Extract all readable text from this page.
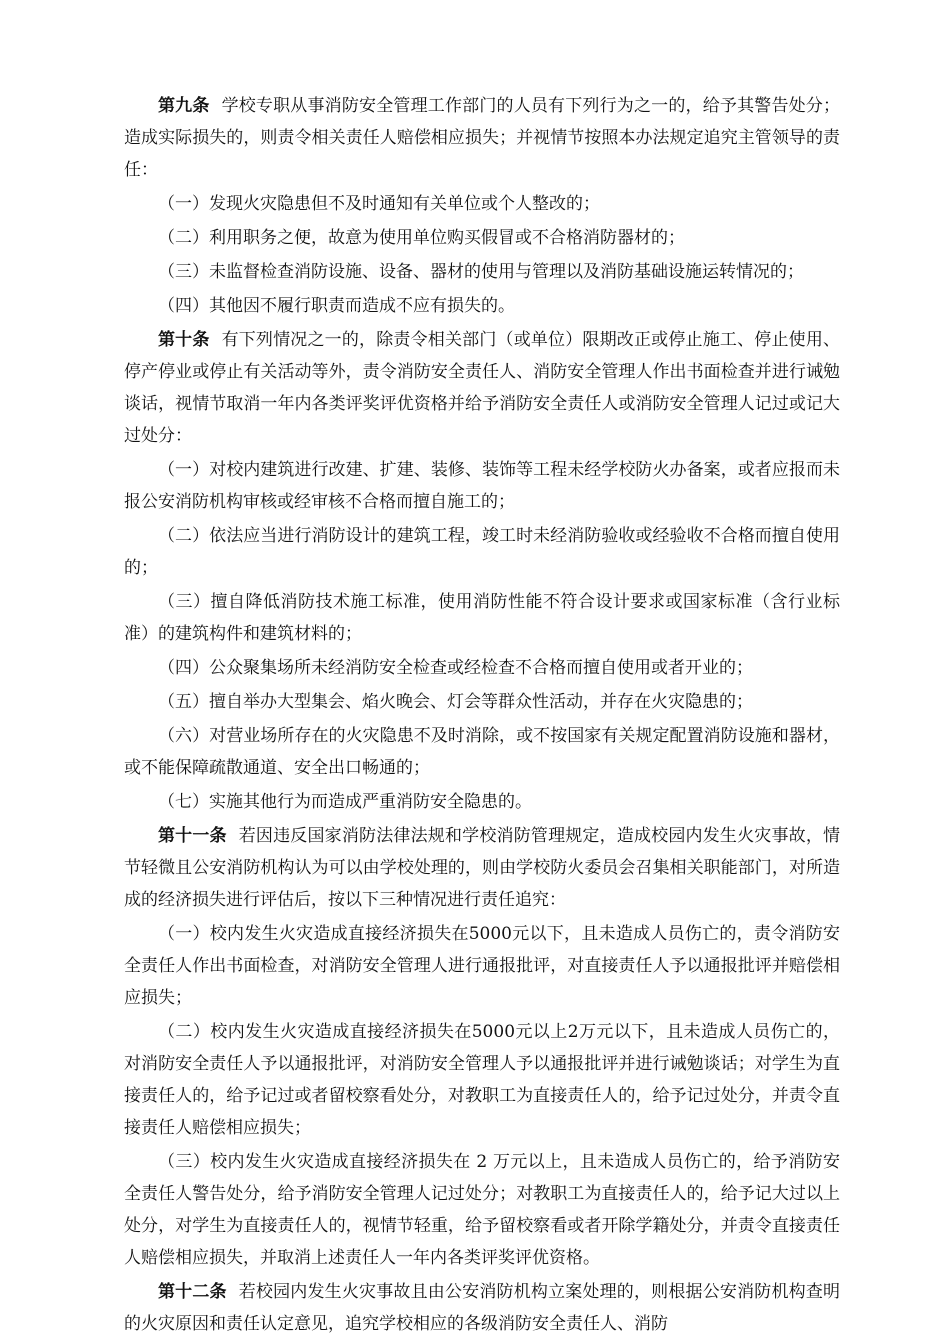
第九条 学校专职从事消防安全管理工作部门的人员有下列行为之一的，给予其警告处分；造成实际损失的，则责令相关责任人赔偿相应损失；并视情节按照本办法规定追究主管领导的责任：

（一）发现火灾隐患但不及时通知有关单位或个人整改的；

（二）利用职务之便，故意为使用单位购买假冒或不合格消防器材的；

（三）未监督检查消防设施、设备、器材的使用与管理以及消防基础设施运转情况的；

（四）其他因不履行职责而造成不应有损失的。

第十条 有下列情况之一的，除责令相关部门（或单位）限期改正或停止施工、停止使用、停产停业或停止有关活动等外，责令消防安全责任人、消防安全管理人作出书面检查并进行诫勉谈话，视情节取消一年内各类评奖评优资格并给予消防安全责任人或消防安全管理人记过或记大过处分：

（一）对校内建筑进行改建、扩建、装修、装饰等工程未经学校防火办备案，或者应报而未报公安消防机构审核或经审核不合格而擅自施工的；

（二）依法应当进行消防设计的建筑工程，竣工时未经消防验收或经验收不合格而擅自使用的；

（三）擅自降低消防技术施工标准，使用消防性能不符合设计要求或国家标准（含行业标准）的建筑构件和建筑材料的；

（四）公众聚集场所未经消防安全检查或经检查不合格而擅自使用或者开业的；

（五）擅自举办大型集会、焰火晚会、灯会等群众性活动，并存在火灾隐患的；

（六）对营业场所存在的火灾隐患不及时消除，或不按国家有关规定配置消防设施和器材，或不能保障疏散通道、安全出口畅通的；

（七）实施其他行为而造成严重消防安全隐患的。

第十一条 若因违反国家消防法律法规和学校消防管理规定，造成校园内发生火灾事故，情节轻微且公安消防机构认为可以由学校处理的，则由学校防火委员会召集相关职能部门，对所造成的经济损失进行评估后，按以下三种情况进行责任追究：

（一）校内发生火灾造成直接经济损失在5000元以下，且未造成人员伤亡的，责令消防安全责任人作出书面检查，对消防安全管理人进行通报批评，对直接责任人予以通报批评并赔偿相应损失；

（二）校内发生火灾造成直接经济损失在5000元以上2万元以下，且未造成人员伤亡的，对消防安全责任人予以通报批评，对消防安全管理人予以通报批评并进行诫勉谈话；对学生为直接责任人的，给予记过或者留校察看处分，对教职工为直接责任人的，给予记过处分，并责令直接责任人赔偿相应损失；

（三）校内发生火灾造成直接经济损失在 2 万元以上，且未造成人员伤亡的，给予消防安全责任人警告处分，给予消防安全管理人记过处分；对教职工为直接责任人的，给予记大过以上处分，对学生为直接责任人的，视情节轻重，给予留校察看或者开除学籍处分，并责令直接责任人赔偿相应损失，并取消上述责任人一年内各类评奖评优资格。

第十二条 若校园内发生火灾事故且由公安消防机构立案处理的，则根据公安消防机构查明的火灾原因和责任认定意见，追究学校相应的各级消防安全责任人、消防
